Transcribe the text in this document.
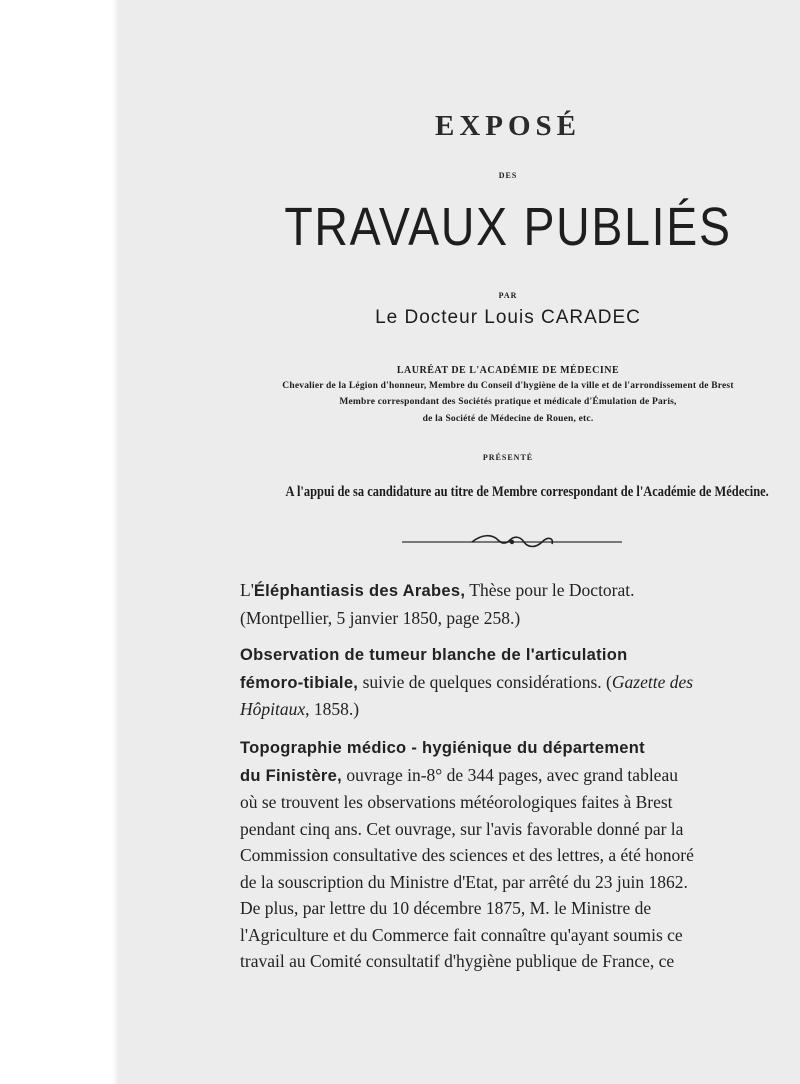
EXPOSÉ
DES
TRAVAUX PUBLIÉS
PAR
Le Docteur Louis CARADEC
LAURÉAT DE L'ACADÉMIE DE MÉDECINE
Chevalier de la Légion d'honneur, Membre du Conseil d'hygiène de la ville et de l'arrondissement de Brest
Membre correspondant des Sociétés pratique et médicale d'Émulation de Paris,
de la Société de Médecine de Rouen, etc.
PRÉSENTÉ
A l'appui de sa candidature au titre de Membre correspondant de l'Académie de Médecine.
L'Éléphantiasis des Arabes, Thèse pour le Doctorat.
(Montpellier, 5 janvier 1850, page 258.)
Observation de tumeur blanche de l'articulation
fémoro-tibiale, suivie de quelques considérations. (Gazette des
Hôpitaux , 1858.)
Topographie médico - hygiénique du département
du Finistère, ouvrage in-8° de 344 pages, avec grand tableau
où se trouvent les observations météorologiques faites à Brest
pendant cinq ans. Cet ouvrage, sur l'avis favorable donné par la
Commission consultative des sciences et des lettres, a été honoré
de la souscription du Ministre d'Etat, par arrêté du 23 juin 1862.
De plus, par lettre du 10 décembre 1875, M. le Ministre de
l'Agriculture et du Commerce fait connaître qu'ayant soumis ce
travail au Comité consultatif d'hygiène publique de France, ce
